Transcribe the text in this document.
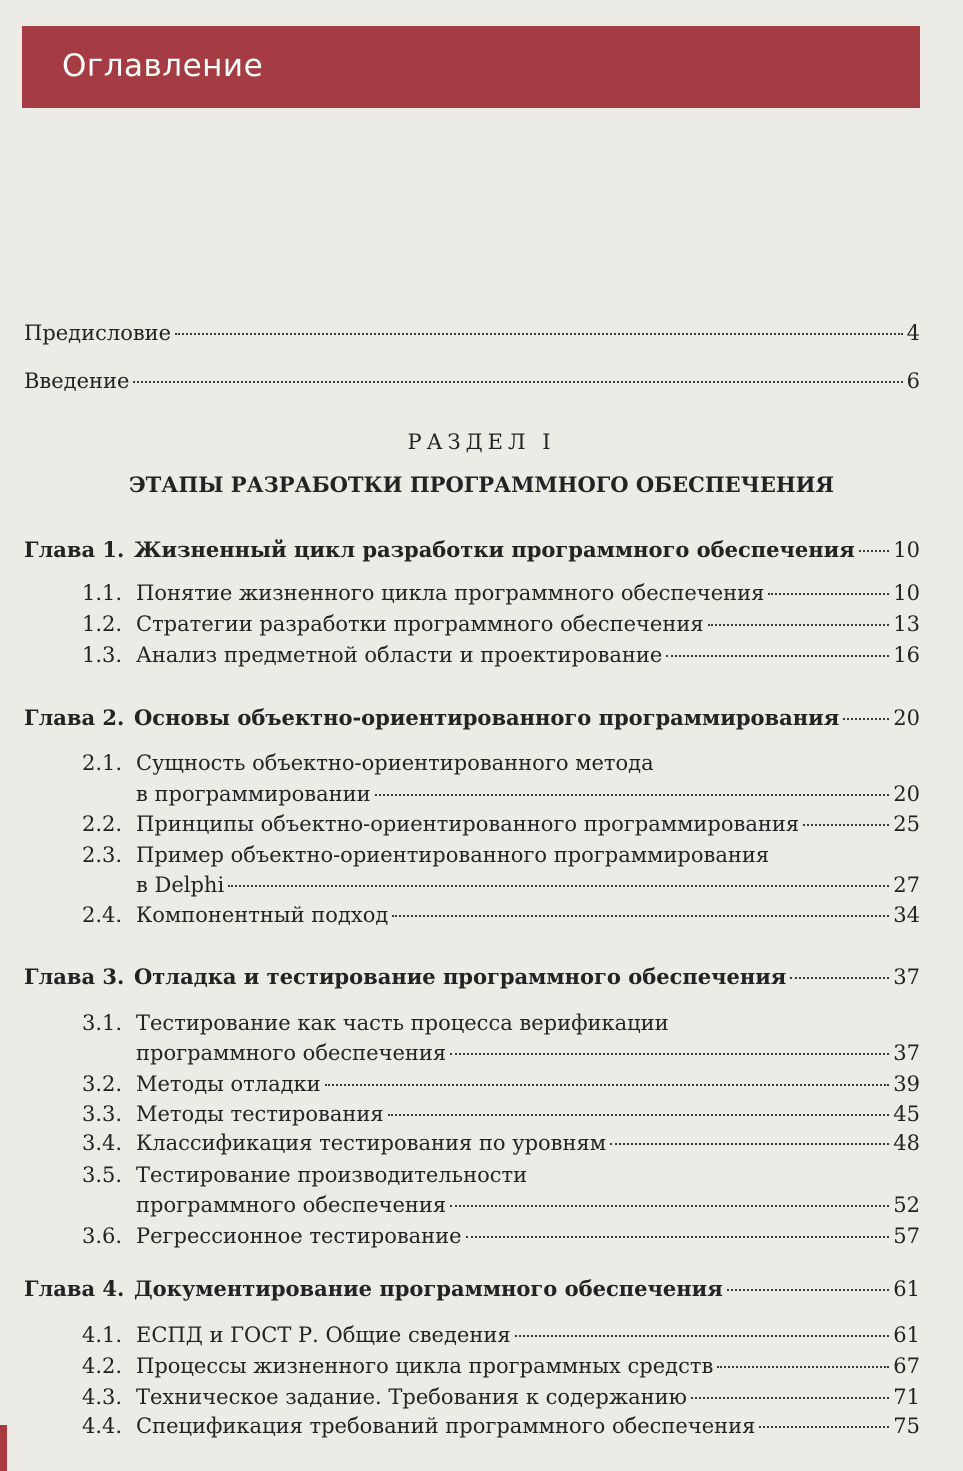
Оглавление
Предисловие	4
Введение	6
РАЗДЕЛ I
ЭТАПЫ РАЗРАБОТКИ ПРОГРАММНОГО ОБЕСПЕЧЕНИЯ
Глава 1. Жизненный цикл разработки программного обеспечения 10
1.1. Понятие жизненного цикла программного обеспечения	10
1.2. Стратегии разработки программного обеспечения	13
1.3. Анализ предметной области и проектирование	16
Глава 2. Основы объектно-ориентированного программирования	20
2.1. Сущность объектно-ориентированного метода
в программировании	20
2.2. Принципы объектно-ориентированного программирования	25
2.3. Пример объектно-ориентированного программирования
в Delphi	27
2.4. Компонентный подход	34
Глава 3. Отладка и тестирование программного обеспечения	37
3.1. Тестирование как часть процесса верификации
программного обеспечения	37
3.2. Методы отладки	39
3.3. Методы тестирования	45
3.4. Классификация тестирования по уровням	48
3.5. Тестирование производительности
программного обеспечения	52
3.6. Регрессионное тестирование	57
Глава 4. Документирование программного обеспечения	61
4.1. ЕСПД и ГОСТ Р. Общие сведения	61
4.2. Процессы жизненного цикла программных средств	67
4.3. Техническое задание. Требования к содержанию	71
4.4. Спецификация требований программного обеспечения	75
